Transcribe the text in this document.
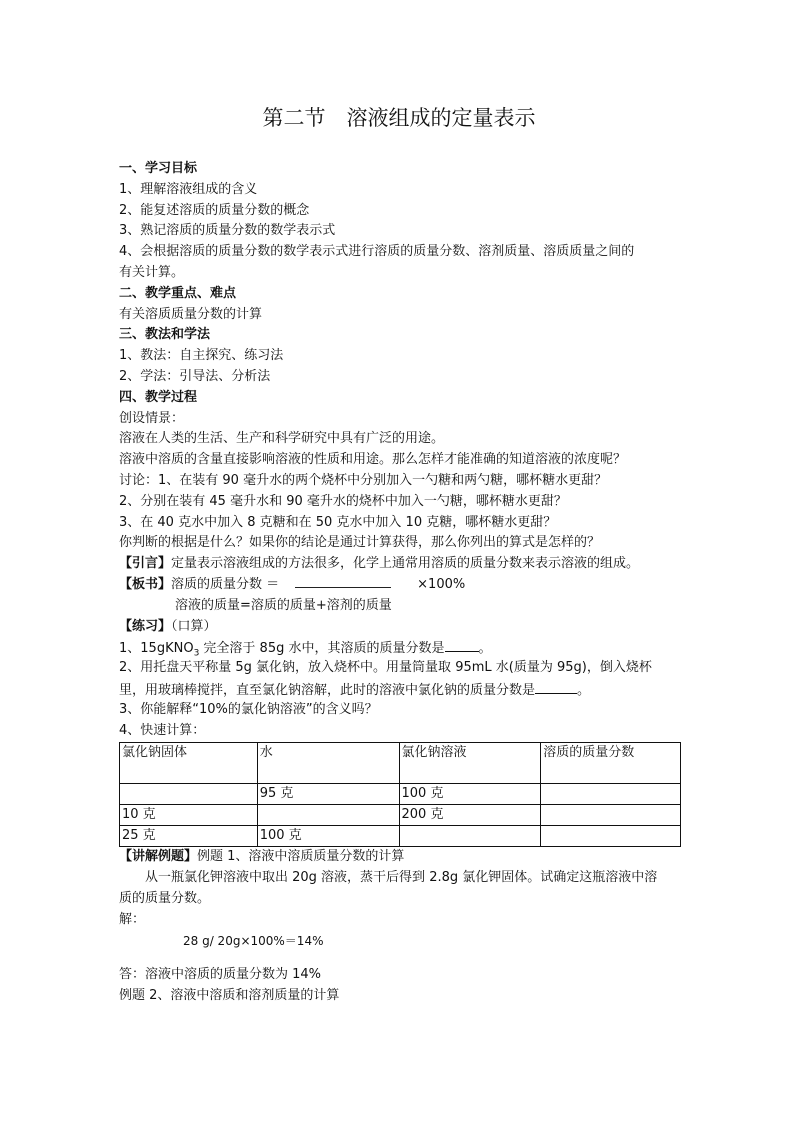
第二节　溶液组成的定量表示
一、学习目标
1、理解溶液组成的含义
2、能复述溶质的质量分数的概念
3、熟记溶质的质量分数的数学表示式
4、会根据溶质的质量分数的数学表示式进行溶质的质量分数、溶剂质量、溶质质量之间的
有关计算。
二、教学重点、难点
有关溶质质量分数的计算
三、教法和学法
1、教法：自主探究、练习法
2、学法：引导法、分析法
四、教学过程
创设情景：
溶液在人类的生活、生产和科学研究中具有广泛的用途。
溶液中溶质的含量直接影响溶液的性质和用途。那么怎样才能准确的知道溶液的浓度呢？
讨论：1、在装有 90 毫升水的两个烧杯中分别加入一勺糖和两勺糖，哪杯糖水更甜？
2、分别在装有 45 毫升水和 90 毫升水的烧杯中加入一勺糖，哪杯糖水更甜？
3、在 40 克水中加入 8 克糖和在 50 克水中加入 10 克糖，哪杯糖水更甜？
你判断的根据是什么？如果你的结论是通过计算获得，那么你列出的算式是怎样的？
【引言】定量表示溶液组成的方法很多，化学上通常用溶质的质量分数来表示溶液的组成。
【板书】 溶质的质量分数 ＝	×100%
溶液的质量=溶质的质量+溶剂的质量
【练习】（口算）
1、15gKNO$_3$ 完全溶于 85g 水中，其溶质的质量分数是	。
2、用托盘天平称量 5g 氯化钠，放入烧杯中。用量筒量取 95mL 水(质量为 95g)，倒入烧杯
里，用玻璃棒搅拌，直至氯化钠溶解，此时的溶液中氯化钠的质量分数是	。
3、你能解释“10%的氯化钠溶液”的含义吗？
4、快速计算：
氯化钠固体	水	氯化钠溶液	溶质的质量分数
	95 克	100 克	
10 克		200 克	
25 克	100 克		
【讲解例题】例题 1、溶液中溶质质量分数的计算
从一瓶氯化钾溶液中取出 20g 溶液，蒸干后得到 2.8g 氯化钾固体。试确定这瓶溶液中溶
质的质量分数。
解：
28 g/ 20g×100%＝14%
答：溶液中溶质的质量分数为 14%
例题 2、溶液中溶质和溶剂质量的计算
